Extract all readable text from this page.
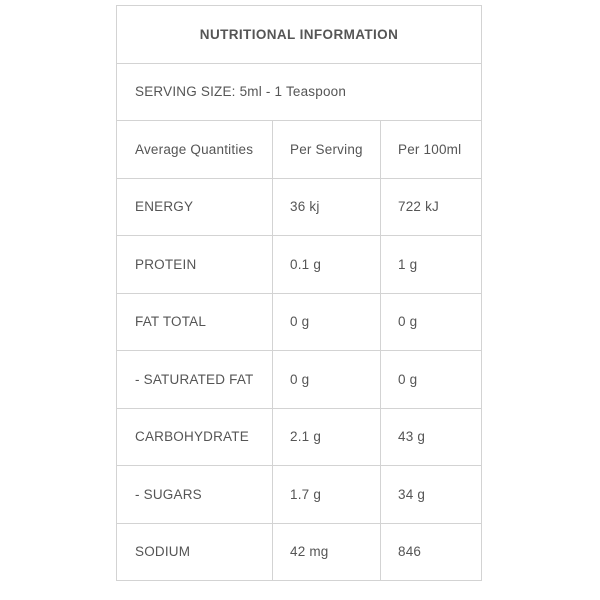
NUTRITIONAL INFORMATION		
SERVING SIZE: 5ml - 1 Teaspoon		
Average Quantities	Per Serving	Per 100ml
ENERGY	36 kj	722 kJ
PROTEIN	0.1 g	1 g
FAT TOTAL	0 g	0 g
- SATURATED FAT	0 g	0 g
CARBOHYDRATE	2.1 g	43 g
- SUGARS	1.7 g	34 g
SODIUM	42 mg	846
